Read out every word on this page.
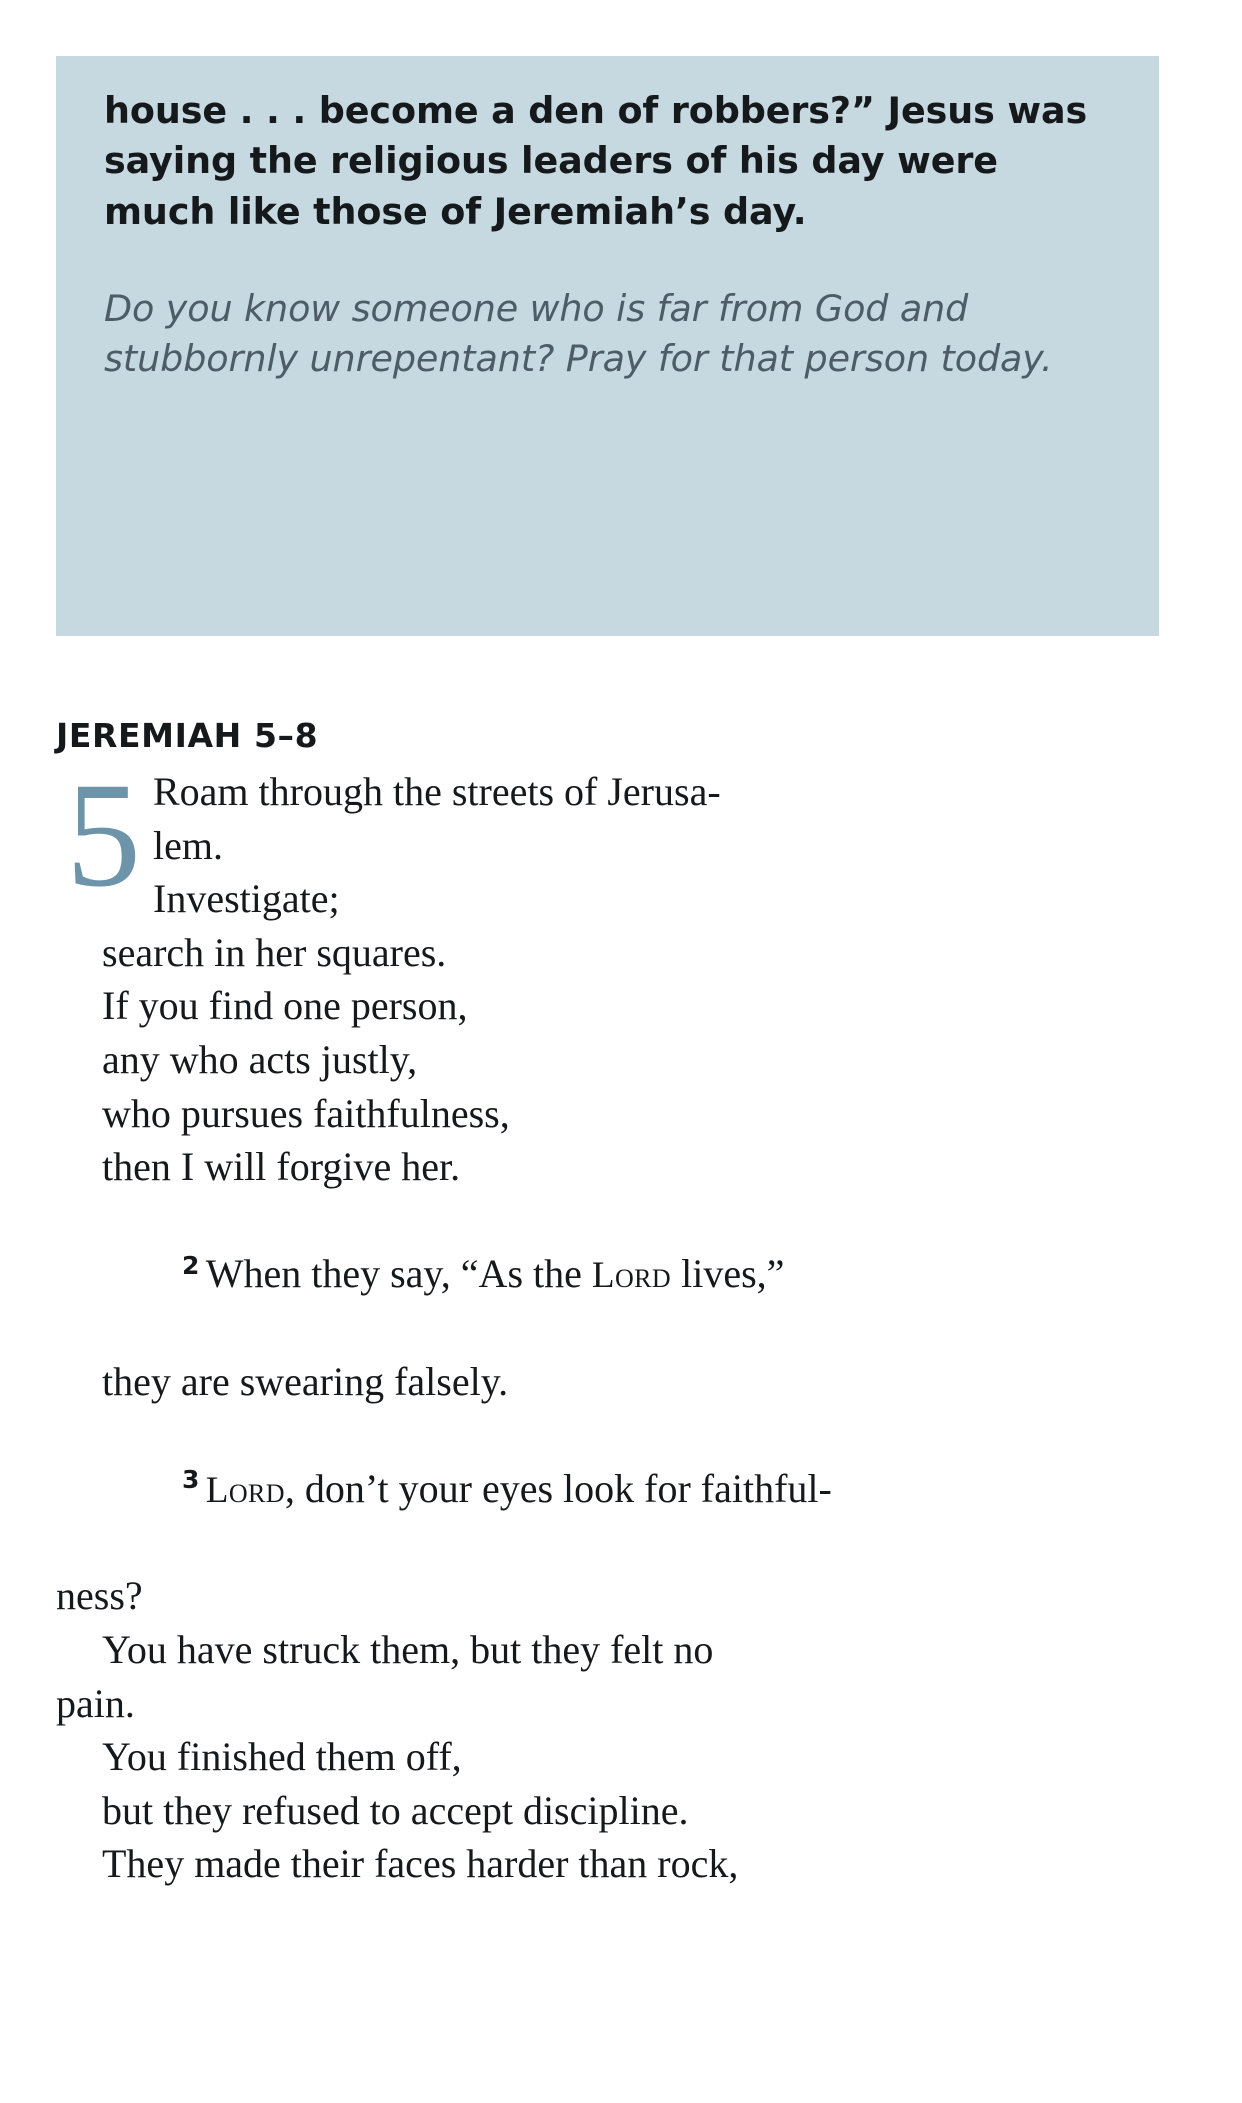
house . . . become a den of robbers?” Jesus was saying the religious leaders of his day were much like those of Jeremiah’s day.
Do you know someone who is far from God and stubbornly unrepentant? Pray for that person today.
JEREMIAH 5–8
5 Roam through the streets of Jerusa-
lem.
Investigate;
search in her squares.
If you find one person,
any who acts justly,
who pursues faithfulness,
then I will forgive her.

$^2$ When they say, “As the Lord lives,”

they are swearing falsely.

$^3$ Lord, don’t your eyes look for faithful-

ness?
You have struck them, but they felt no
pain.
You finished them off,
but they refused to accept discipline.
They made their faces harder than rock,
